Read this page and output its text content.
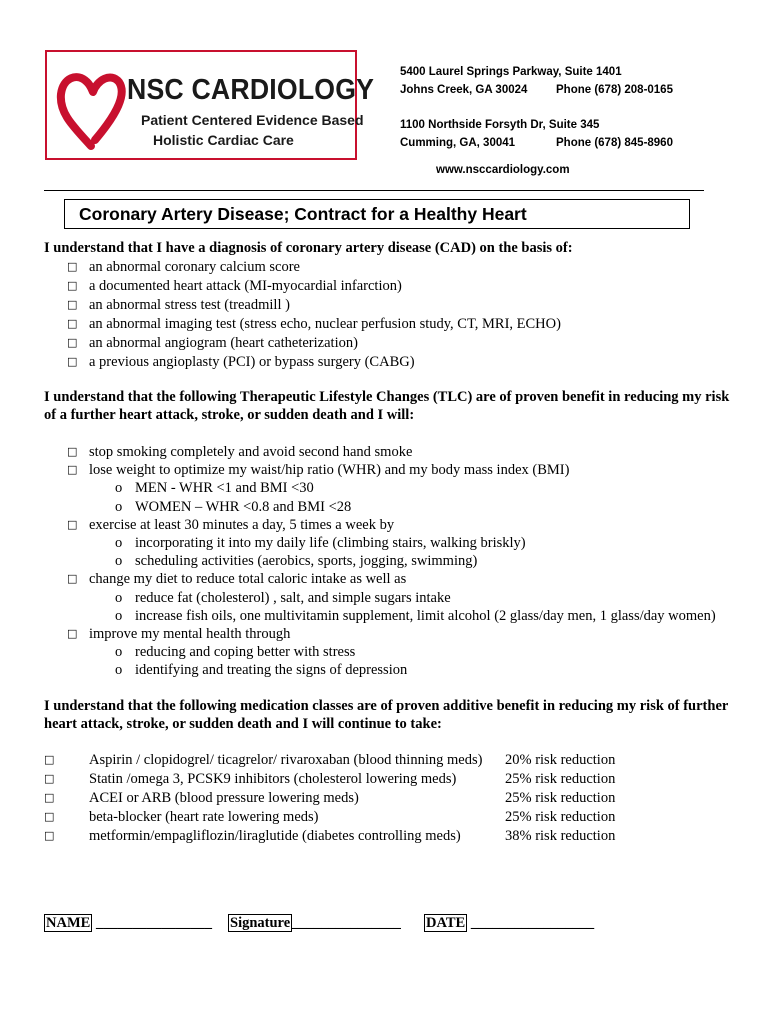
NSC CARDIOLOGY
Patient Centered Evidence Based
Holistic Cardiac Care
5400 Laurel Springs Parkway, Suite 1401
Johns Creek, GA 30024 Phone (678) 208-0165
1100 Northside Forsyth Dr, Suite 345
Cumming, GA, 30041	Phone (678) 845-8960
www.nsccardiology.com
Coronary Artery Disease; Contract for a Healthy Heart
I understand that I have a diagnosis of coronary artery disease (CAD) on the basis of:
□ an abnormal coronary calcium score
□ a documented heart attack (MI-myocardial infarction)
□ an abnormal stress test (treadmill )
□ an abnormal imaging test (stress echo, nuclear perfusion study, CT, MRI, ECHO)
□ an abnormal angiogram (heart catheterization)
□ a previous angioplasty (PCI) or bypass surgery (CABG)
I understand that the following Therapeutic Lifestyle Changes (TLC) are of proven benefit in reducing my risk of a further heart attack, stroke, or sudden death and I will:
□ stop smoking completely and avoid second hand smoke
□ lose weight to optimize my waist/hip ratio (WHR) and my body mass index (BMI)
o MEN - WHR <1 and BMI <30
o WOMEN – WHR <0.8 and BMI <28
□ exercise at least 30 minutes a day, 5 times a week by
o incorporating it into my daily life (climbing stairs, walking briskly)
o scheduling activities (aerobics, sports, jogging, swimming)
□ change my diet to reduce total caloric intake as well as
o reduce fat (cholesterol) , salt, and simple sugars intake
o increase fish oils, one multivitamin supplement, limit alcohol (2 glass/day men, 1 glass/day women)
□ improve my mental health through
o reducing and coping better with stress
o identifying and treating the signs of depression
I understand that the following medication classes are of proven additive benefit in reducing my risk of further heart attack, stroke, or sudden death and I will continue to take:
□ Aspirin / clopidogrel/ ticagrelor/ rivaroxaban (blood thinning meds) 20% risk reduction
□ Statin /omega 3, PCSK9 inhibitors (cholesterol lowering meds)	25% risk reduction
□ ACEI or ARB (blood pressure lowering meds)	25% risk reduction
□ beta-blocker (heart rate lowering meds)	25% risk reduction
□ metformin/empagliflozin/liraglutide (diabetes controlling meds)	38% risk reduction
NAME ________________ Signature _______________ DATE _________________
